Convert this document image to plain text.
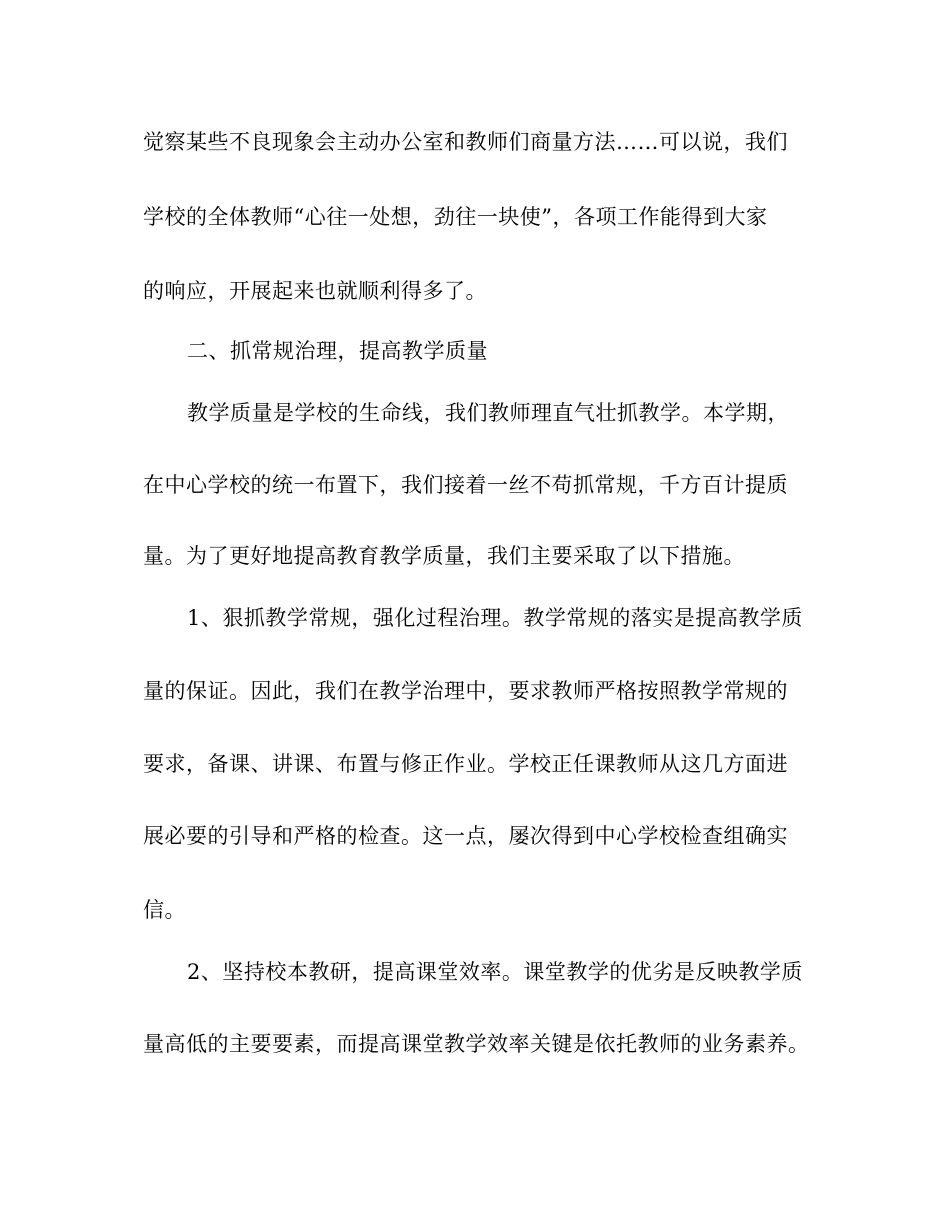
觉察某些不良现象会主动办公室和教师们商量方法……可以说，我们
学校的全体教师“心往一处想，劲往一块使”，各项工作能得到大家
的响应，开展起来也就顺利得多了。
二、抓常规治理，提高教学质量
教学质量是学校的生命线，我们教师理直气壮抓教学。本学期，
在中心学校的统一布置下，我们接着一丝不苟抓常规，千方百计提质
量。为了更好地提高教育教学质量，我们主要采取了以下措施。
1、狠抓教学常规，强化过程治理。教学常规的落实是提高教学质
量的保证。因此，我们在教学治理中，要求教师严格按照教学常规的
要求，备课、讲课、布置与修正作业。学校正任课教师从这几方面进
展必要的引导和严格的检查。这一点，屡次得到中心学校检查组确实
信。
2、坚持校本教研，提高课堂效率。课堂教学的优劣是反映教学质
量高低的主要要素，而提高课堂教学效率关键是依托教师的业务素养。
